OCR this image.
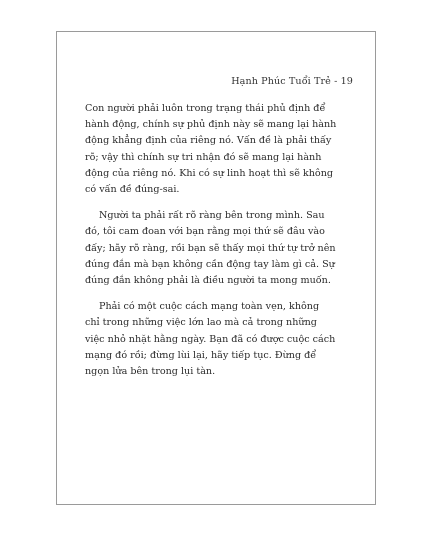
Hạnh Phúc Tuổi Trẻ - 19

Con người phải luôn trong trạng thái phủ định để
hành động, chính sự phủ định này sẽ mang lại hành
động khẳng định của riêng nó. Vấn đề là phải thấy
rõ; vậy thì chính sự tri nhận đó sẽ mang lại hành
động của riêng nó. Khi có sự linh hoạt thì sẽ không
có vấn đề đúng-sai.

Người ta phải rất rõ ràng bên trong mình. Sau
đó, tôi cam đoan với bạn rằng mọi thứ sẽ đâu vào
đấy; hãy rõ ràng, rồi bạn sẽ thấy mọi thứ tự trở nên
đúng đắn mà bạn không cần động tay làm gì cả. Sự
đúng đắn không phải là điều người ta mong muốn.

Phải có một cuộc cách mạng toàn vẹn, không
chỉ trong những việc lớn lao mà cả trong những
việc nhỏ nhặt hằng ngày. Bạn đã có được cuộc cách
mạng đó rồi; đừng lùi lại, hãy tiếp tục. Đừng để
ngọn lửa bên trong lụi tàn.
